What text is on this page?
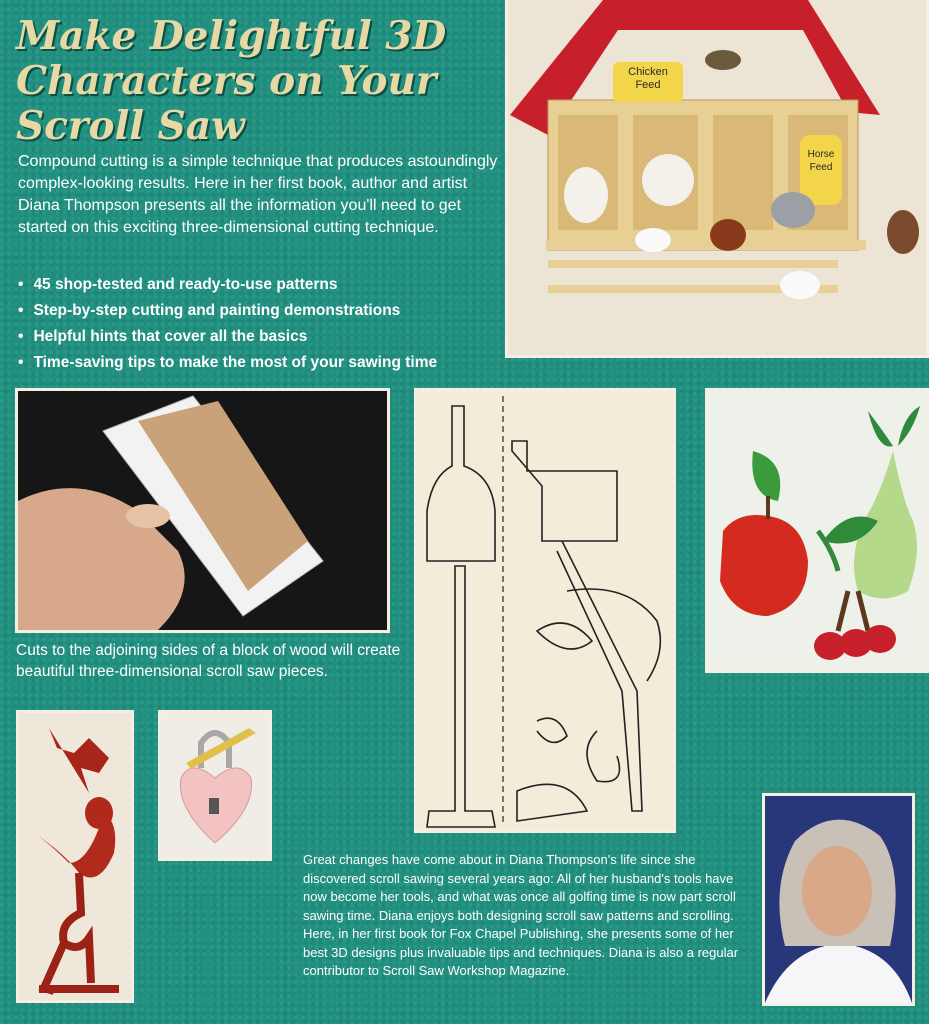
Make Delightful 3D Characters on Your Scroll Saw

Compound cutting is a simple technique that produces astoundingly complex-looking results. Here in her first book, author and artist Diana Thompson presents all the information you'll need to get started on this exciting three-dimensional cutting technique.

• 45 shop-tested and ready-to-use patterns
• Step-by-step cutting and painting demonstrations
• Helpful hints that cover all the basics
• Time-saving tips to make the most of your sawing time
Chicken Feed
Horse Feed

Cuts to the adjoining sides of a block of wood will create beautiful three-dimensional scroll saw pieces.

Great changes have come about in Diana Thompson's life since she discovered scroll sawing several years ago: All of her husband's tools have now become her tools, and what was once all golfing time is now part scroll sawing time. Diana enjoys both designing scroll saw patterns and scrolling. Here, in her first book for Fox Chapel Publishing, she presents some of her best 3D designs plus invaluable tips and techniques. Diana is also a regular contributor to Scroll Saw Workshop Magazine.
